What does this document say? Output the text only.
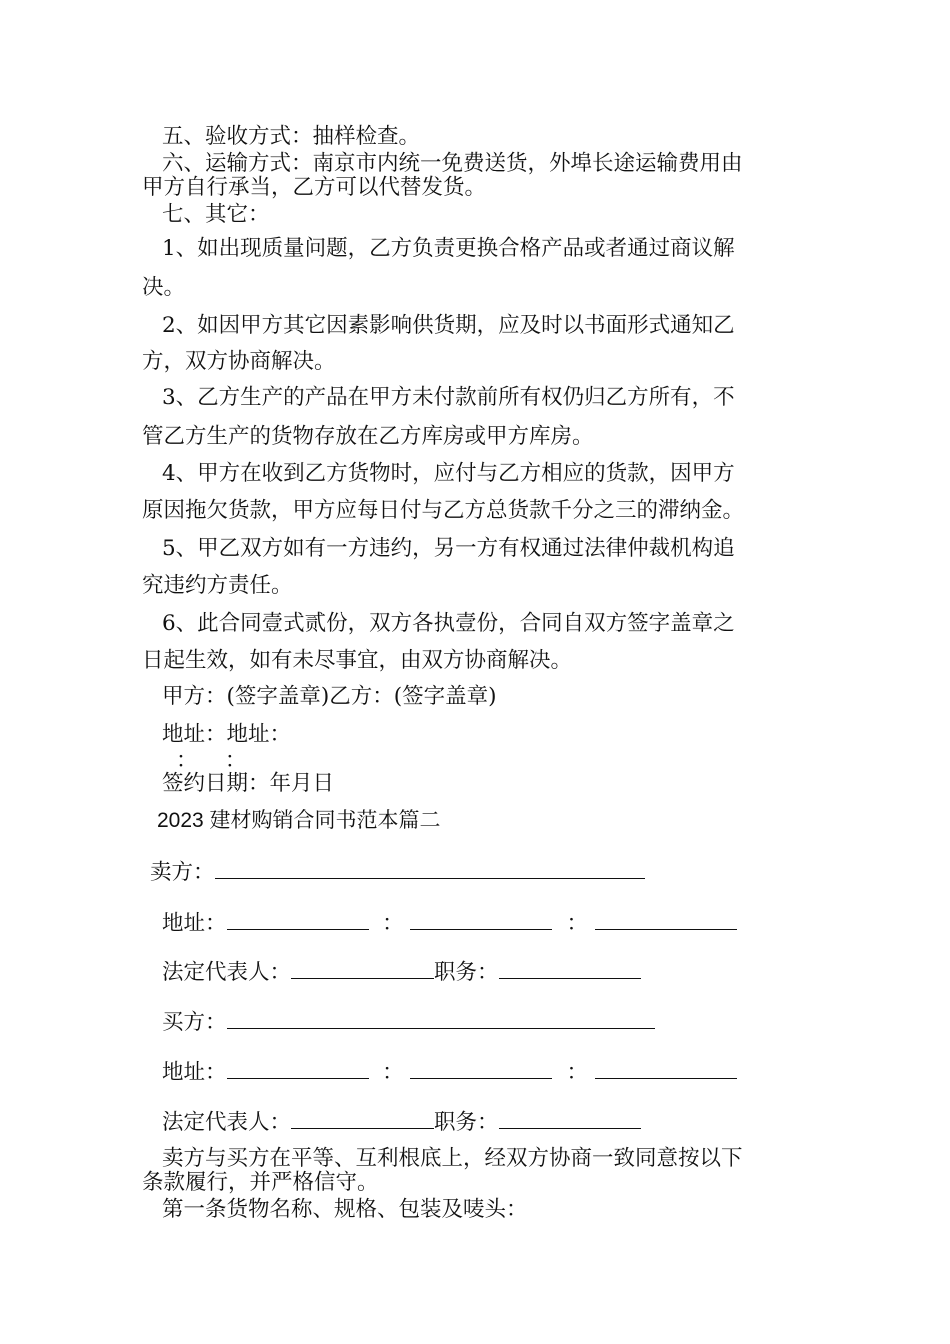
五、验收方式：抽样检查。
六、运输方式：南京市内统一免费送货，外埠长途运输费用由
甲方自行承当，乙方可以代替发货。
七、其它：
1、如出现质量问题，乙方负责更换合格产品或者通过商议解
决。
2、如因甲方其它因素影响供货期，应及时以书面形式通知乙
方，双方协商解决。
3、乙方生产的产品在甲方未付款前所有权仍归乙方所有，不
管乙方生产的货物存放在乙方库房或甲方库房。
4、甲方在收到乙方货物时，应付与乙方相应的货款，因甲方
原因拖欠货款，甲方应每日付与乙方总货款千分之三的滞纳金。
5、甲乙双方如有一方违约，另一方有权通过法律仲裁机构追
究违约方责任。
6、此合同壹式贰份，双方各执壹份，合同自双方签字盖章之
日起生效，如有未尽事宜，由双方协商解决。
甲方：(签字盖章)乙方：(签字盖章)
地址：地址：
：    ：
签约日期：年月日
2023 建材购销合同书范本篇二
卖方：
地址：	：	：
法定代表人：	职务：
买方：
地址：	：	：
法定代表人：	职务：
卖方与买方在平等、互利根底上，经双方协商一致同意按以下
条款履行，并严格信守。
第一条货物名称、规格、包装及唛头：
